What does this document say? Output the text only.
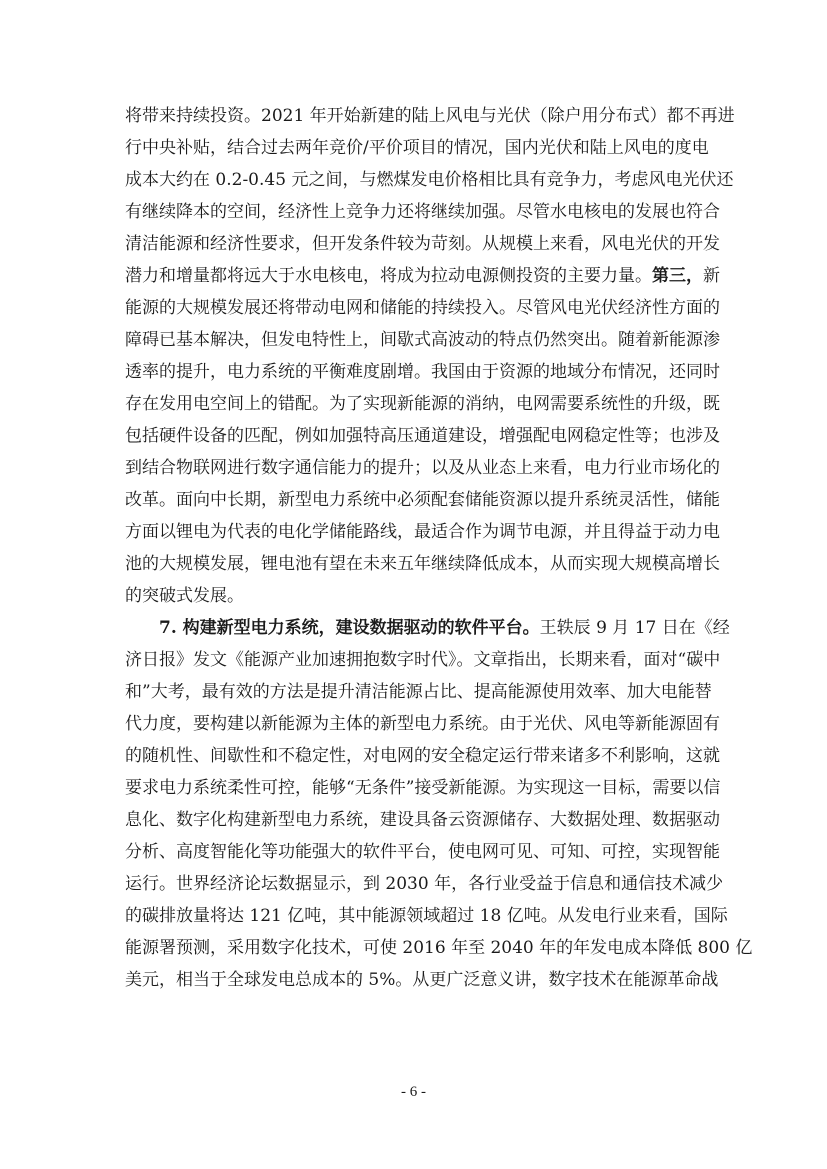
将带来持续投资。2021 年开始新建的陆上风电与光伏（除户用分布式）都不再进
行中央补贴，结合过去两年竞价/平价项目的情况，国内光伏和陆上风电的度电
成本大约在 0.2-0.45 元之间，与燃煤发电价格相比具有竞争力，考虑风电光伏还
有继续降本的空间，经济性上竞争力还将继续加强。尽管水电核电的发展也符合
清洁能源和经济性要求，但开发条件较为苛刻。从规模上来看，风电光伏的开发
潜力和增量都将远大于水电核电，将成为拉动电源侧投资的主要力量。第三，新
能源的大规模发展还将带动电网和储能的持续投入。尽管风电光伏经济性方面的
障碍已基本解决，但发电特性上，间歇式高波动的特点仍然突出。随着新能源渗
透率的提升，电力系统的平衡难度剧增。我国由于资源的地域分布情况，还同时
存在发用电空间上的错配。为了实现新能源的消纳，电网需要系统性的升级，既
包括硬件设备的匹配，例如加强特高压通道建设，增强配电网稳定性等；也涉及
到结合物联网进行数字通信能力的提升；以及从业态上来看，电力行业市场化的
改革。面向中长期，新型电力系统中必须配套储能资源以提升系统灵活性，储能
方面以锂电为代表的电化学储能路线，最适合作为调节电源，并且得益于动力电
池的大规模发展，锂电池有望在未来五年继续降低成本，从而实现大规模高增长
的突破式发展。
7. 构建新型电力系统，建设数据驱动的软件平台。王轶辰 9 月 17 日在《经
济日报》发文《能源产业加速拥抱数字时代》。文章指出，长期来看，面对“碳中
和”大考，最有效的方法是提升清洁能源占比、提高能源使用效率、加大电能替
代力度，要构建以新能源为主体的新型电力系统。由于光伏、风电等新能源固有
的随机性、间歇性和不稳定性，对电网的安全稳定运行带来诸多不利影响，这就
要求电力系统柔性可控，能够“无条件”接受新能源。为实现这一目标，需要以信
息化、数字化构建新型电力系统，建设具备云资源储存、大数据处理、数据驱动
分析、高度智能化等功能强大的软件平台，使电网可见、可知、可控，实现智能
运行。世界经济论坛数据显示，到 2030 年，各行业受益于信息和通信技术减少
的碳排放量将达 121 亿吨，其中能源领域超过 18 亿吨。从发电行业来看，国际
能源署预测，采用数字化技术，可使 2016 年至 2040 年的年发电成本降低 800 亿
美元，相当于全球发电总成本的 5%。从更广泛意义讲，数字技术在能源革命战
- 6 -
